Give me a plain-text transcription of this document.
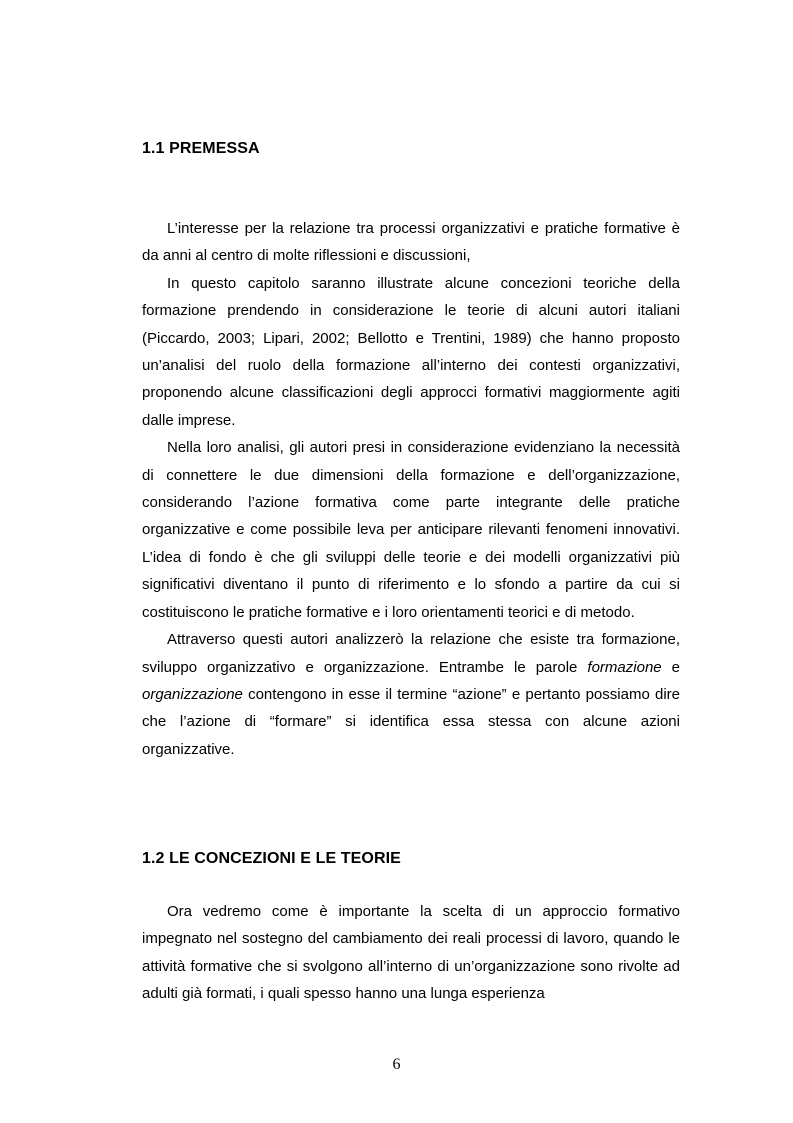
1.1 PREMESSA

L’interesse per la relazione tra processi organizzativi e pratiche formative è da anni al centro di molte riflessioni e discussioni,

In questo capitolo saranno illustrate alcune concezioni teoriche della formazione prendendo in considerazione le teorie di alcuni autori italiani (Piccardo, 2003; Lipari, 2002; Bellotto e Trentini, 1989) che hanno proposto un’analisi del ruolo della formazione all’interno dei contesti organizzativi, proponendo alcune classificazioni degli approcci formativi maggiormente agiti dalle imprese.

Nella loro analisi, gli autori presi in considerazione evidenziano la necessità di connettere le due dimensioni della formazione e dell’organizzazione, considerando l’azione formativa come parte integrante delle pratiche organizzative e come possibile leva per anticipare rilevanti fenomeni innovativi. L’idea di fondo è che gli sviluppi delle teorie e dei modelli organizzativi più significativi diventano il punto di riferimento e lo sfondo a partire da cui si costituiscono le pratiche formative e i loro orientamenti teorici e di metodo.

Attraverso questi autori analizzerò la relazione che esiste tra formazione, sviluppo organizzativo e organizzazione. Entrambe le parole formazione e organizzazione contengono in esse il termine “azione” e pertanto possiamo dire che l’azione di “formare” si identifica essa stessa con alcune azioni organizzative.

1.2 LE CONCEZIONI E LE TEORIE

Ora vedremo come è importante la scelta di un approccio formativo impegnato nel sostegno del cambiamento dei reali processi di lavoro, quando le attività formative che si svolgono all’interno di un’organizzazione sono rivolte ad adulti già formati, i quali spesso hanno una lunga esperienza

6
